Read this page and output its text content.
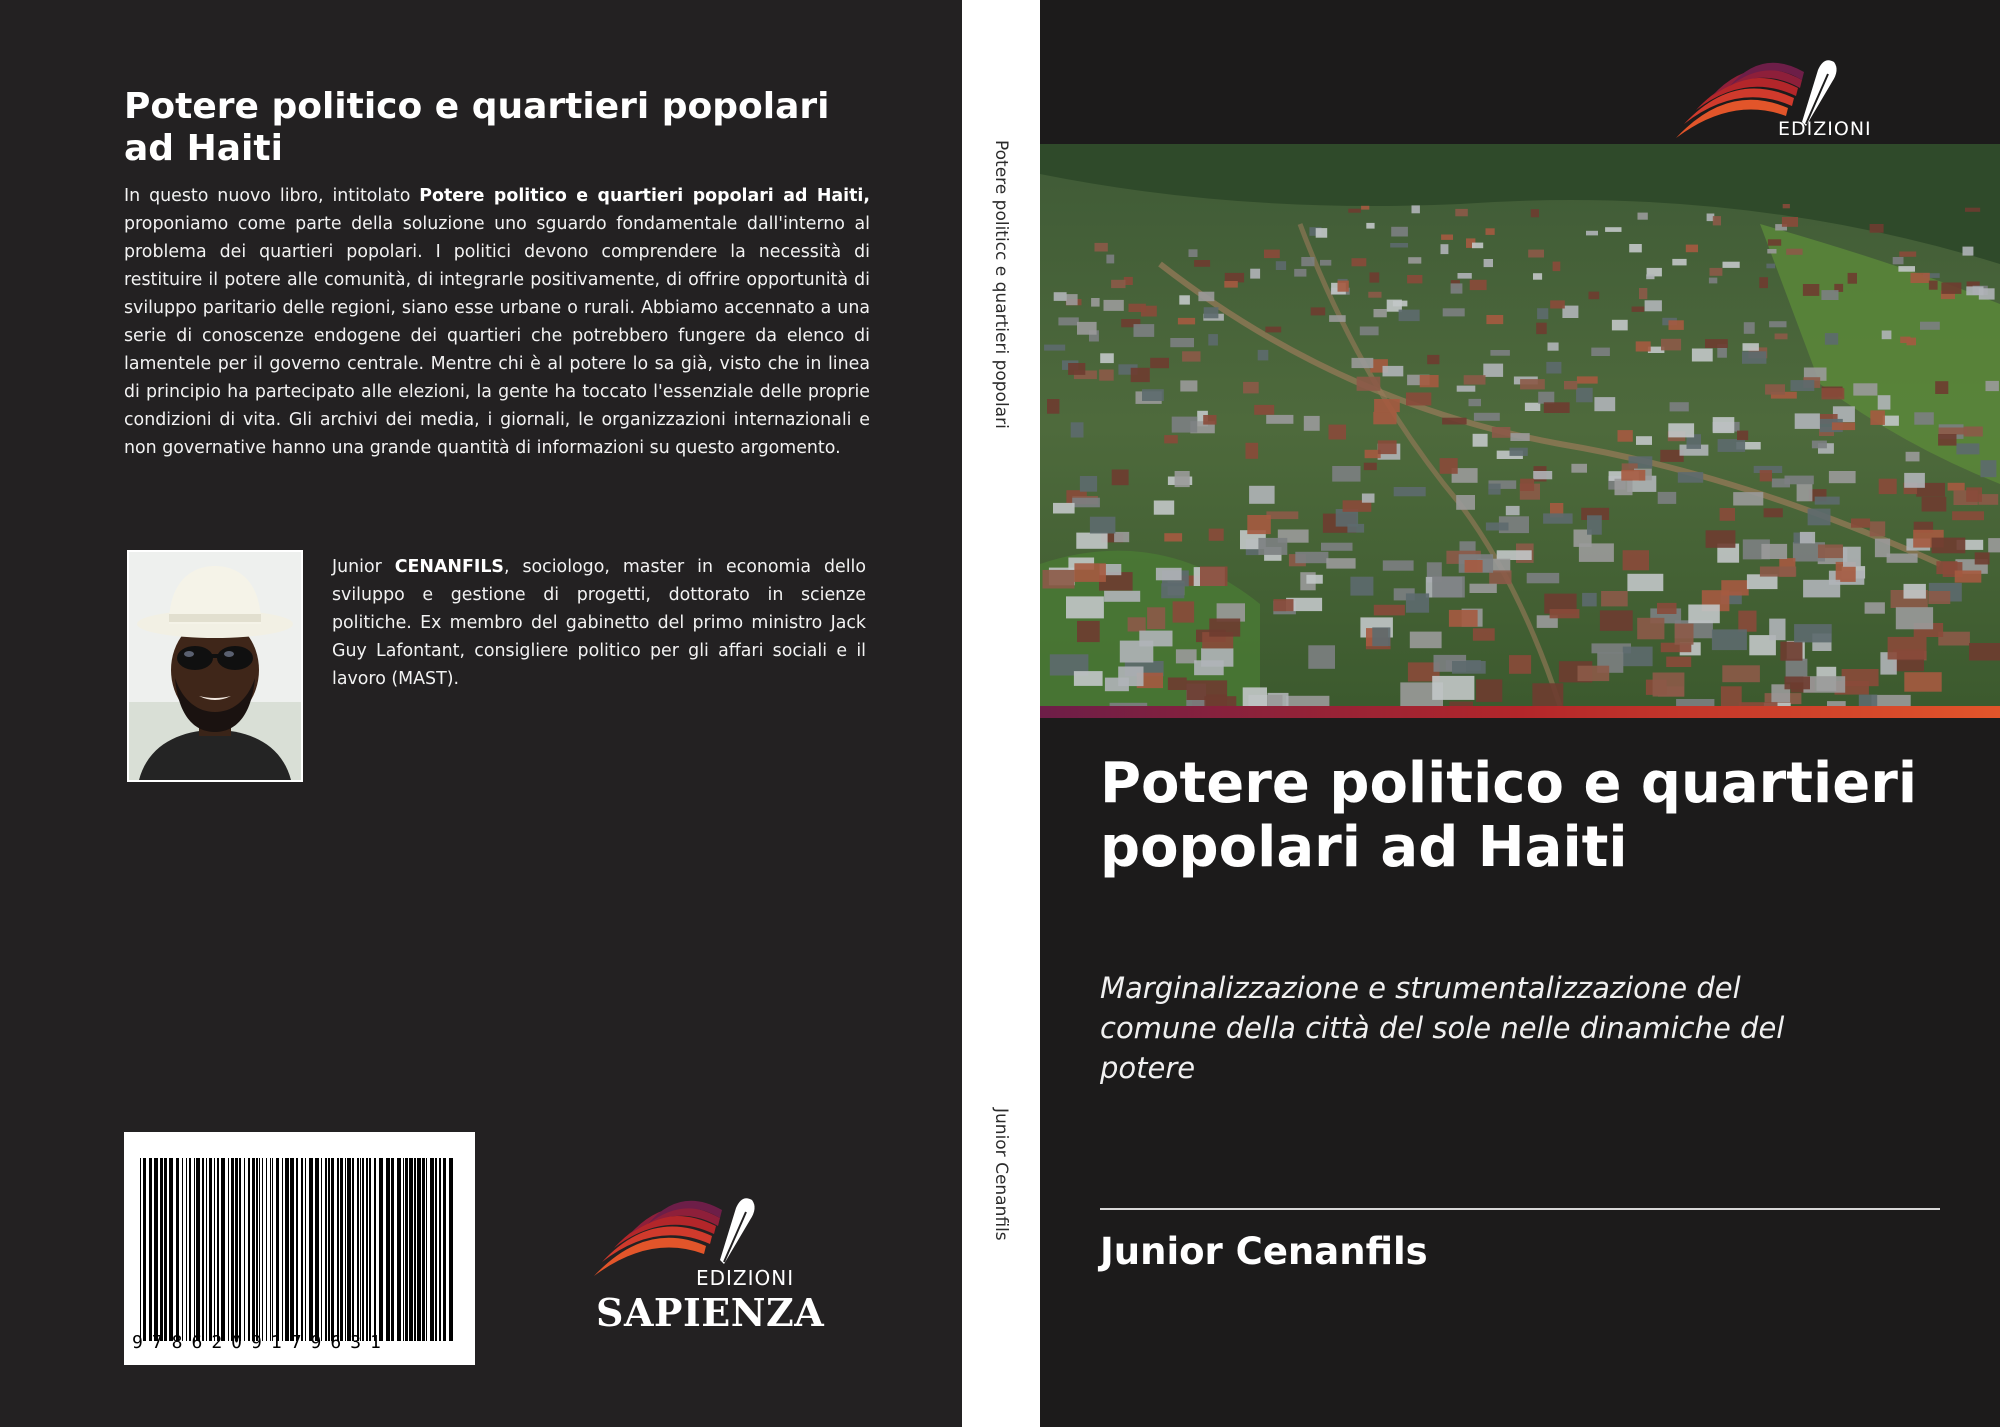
Potere politico e quartieri popolari ad Haiti

In questo nuovo libro, intitolato Potere politico e quartieri popolari ad Haiti, proponiamo come parte della soluzione uno sguardo fondamentale dall'interno al problema dei quartieri popolari. I politici devono comprendere la necessità di restituire il potere alle comunità, di integrarle positivamente, di offrire opportunità di sviluppo paritario delle regioni, siano esse urbane o rurali. Abbiamo accennato a una serie di conoscenze endogene dei quartieri che potrebbero fungere da elenco di lamentele per il governo centrale. Mentre chi è al potere lo sa già, visto che in linea di principio ha partecipato alle elezioni, la gente ha toccato l'essenziale delle proprie condizioni di vita. Gli archivi dei media, i giornali, le organizzazioni internazionali e non governative hanno una grande quantità di informazioni su questo argomento.

Junior CENANFILS, sociologo, master in economia dello sviluppo e gestione di progetti, dottorato in scienze politiche. Ex membro del gabinetto del primo ministro Jack Guy Lafontant, consigliere politico per gli affari sociali e il lavoro (MAST).

9786209179631
EDIZIONI
SAPIENZA
Potere politicc e quartieri popolari
Junior Cenanfils
EDIZIONI
Potere politico e quartieri popolari ad Haiti

Marginalizzazione e strumentalizzazione del comune della città del sole nelle dinamiche del potere

Junior Cenanfils
